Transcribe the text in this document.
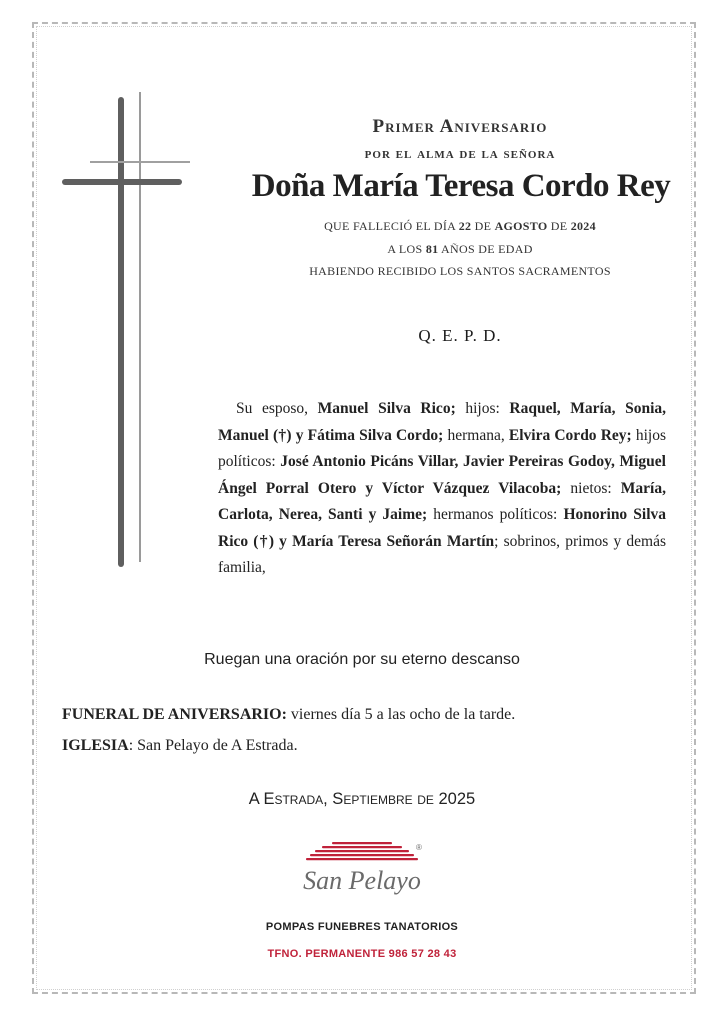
Primer Aniversario
por el alma de la señora
Doña María Teresa Cordo Rey
QUE FALLECIÓ EL DÍA 22 DE AGOSTO DE 2024
A LOS 81 AÑOS DE EDAD
HABIENDO RECIBIDO LOS SANTOS SACRAMENTOS
Q. E. P. D.
Su esposo, Manuel Silva Rico; hijos: Raquel, María, Sonia, Manuel (†) y Fátima Silva Cordo; hermana, Elvira Cordo Rey; hijos políticos: José Antonio Picáns Villar, Javier Pereiras Godoy, Miguel Ángel Porral Otero y Víctor Vázquez Vilacoba; nietos: María, Carlota, Nerea, Santi y Jaime; hermanos políticos: Honorino Silva Rico (†) y María Teresa Señorán Martín; sobrinos, primos y demás familia,
Ruegan una oración por su eterno descanso
FUNERAL DE ANIVERSARIO: viernes día 5 a las ocho de la tarde.
IGLESIA: San Pelayo de A Estrada.
A Estrada, Septiembre de 2025
®
San Pelayo
POMPAS FUNEBRES TANATORIOS
TFNO. PERMANENTE 986 57 28 43
